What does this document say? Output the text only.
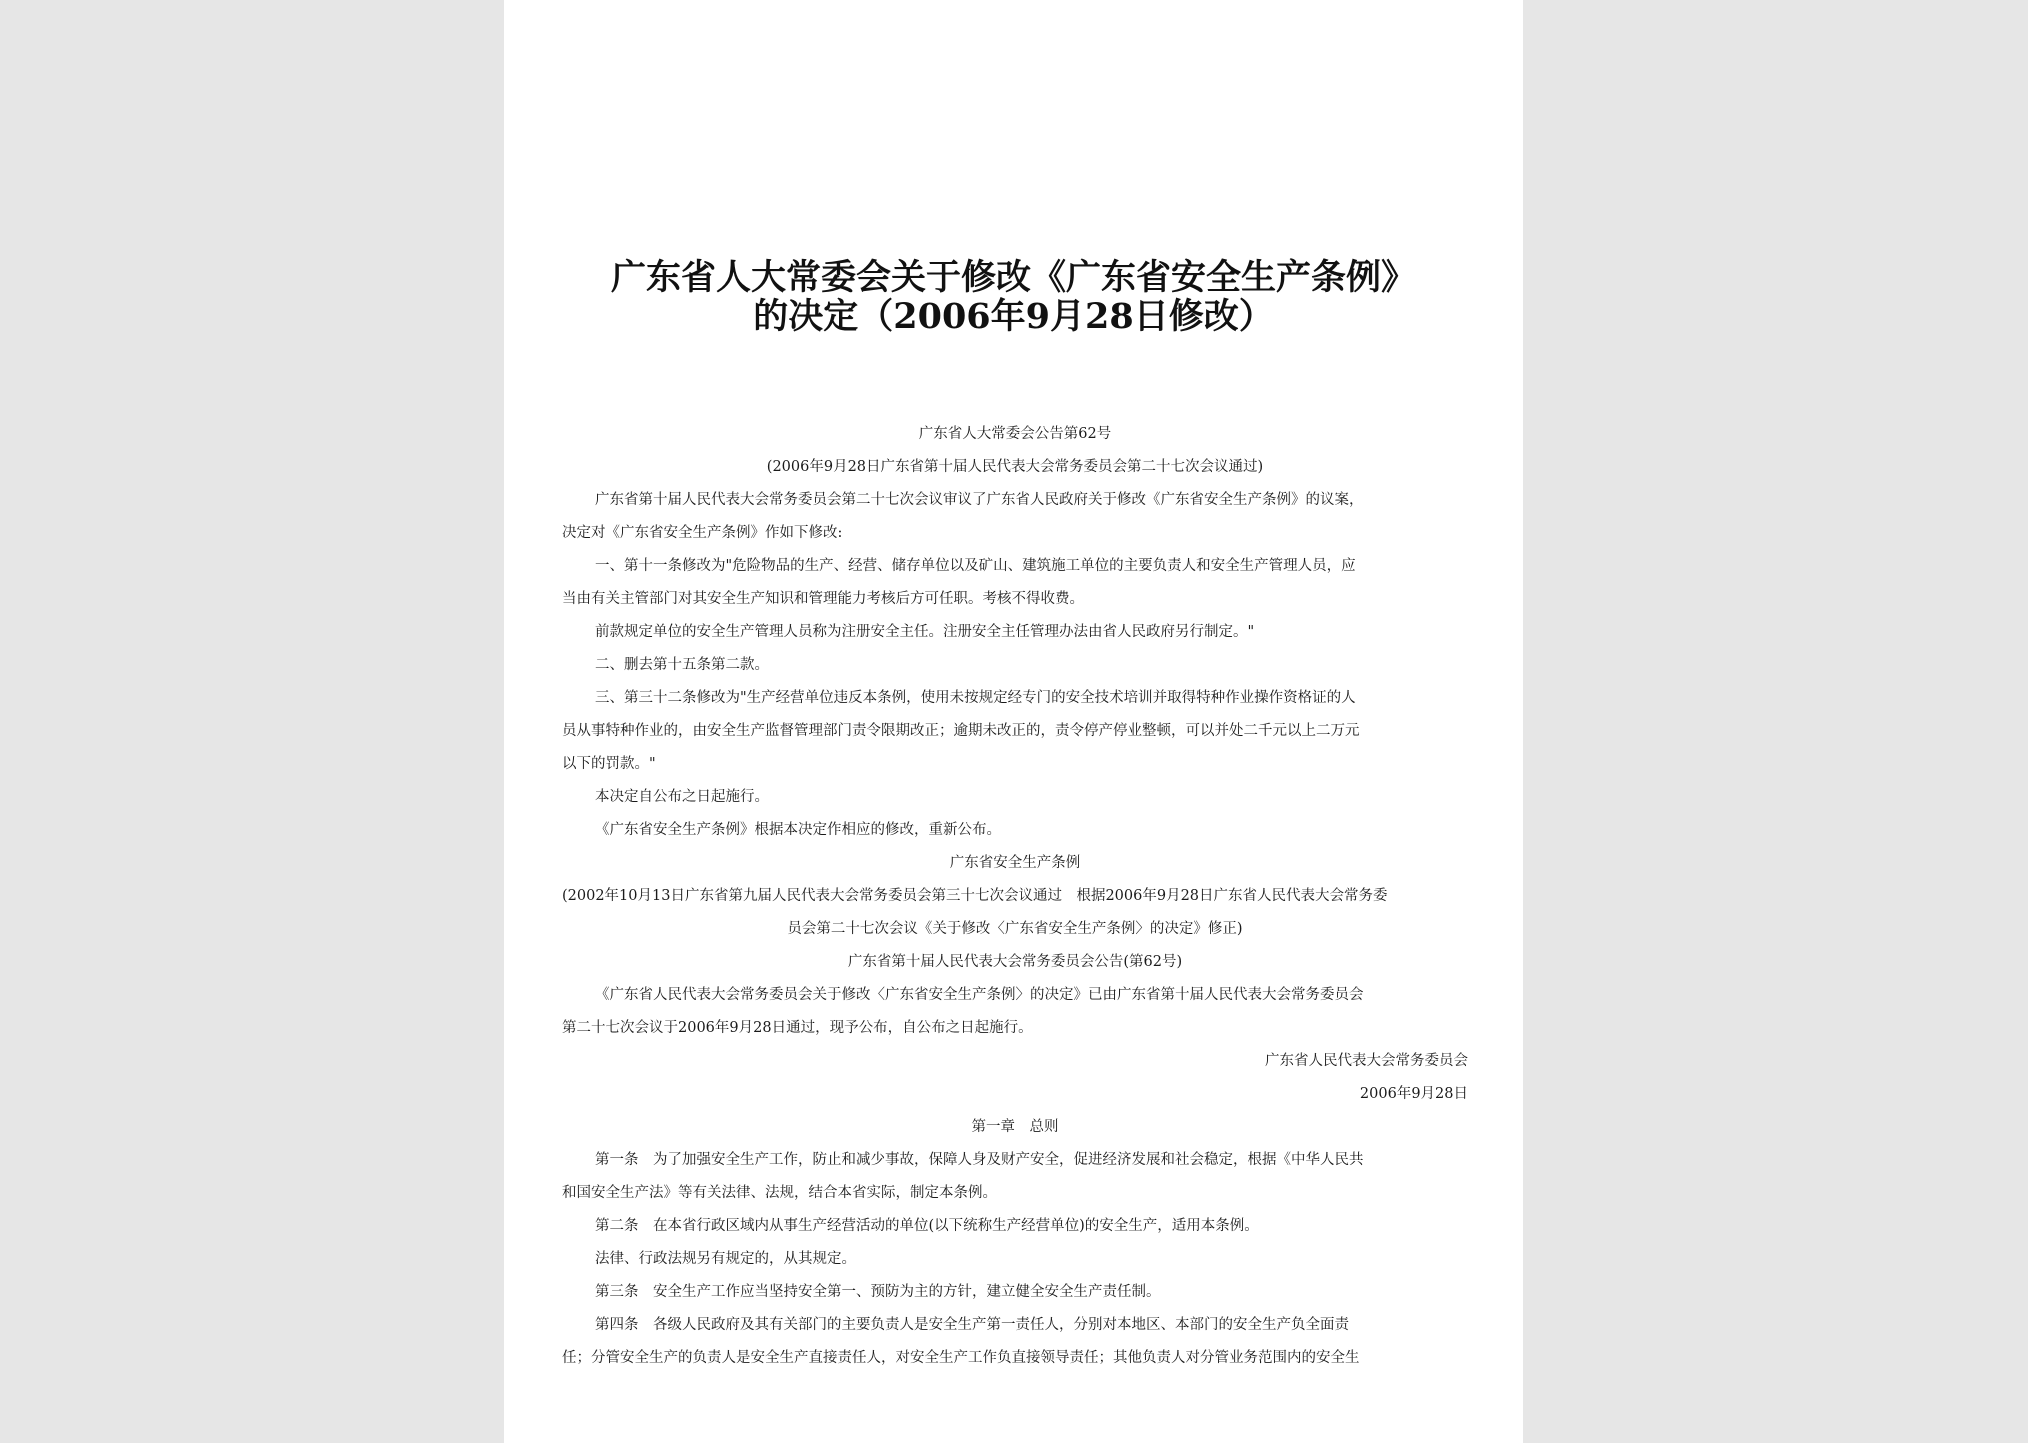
广东省人大常委会关于修改《广东省安全生产条例》
的决定（2006年9月28日修改）
广东省人大常委会公告第62号
(2006年9月28日广东省第十届人民代表大会常务委员会第二十七次会议通过)
广东省第十届人民代表大会常务委员会第二十七次会议审议了广东省人民政府关于修改《广东省安全生产条例》的议案，
决定对《广东省安全生产条例》作如下修改:
一、第十一条修改为"危险物品的生产、经营、储存单位以及矿山、建筑施工单位的主要负责人和安全生产管理人员，应
当由有关主管部门对其安全生产知识和管理能力考核后方可任职。考核不得收费。
前款规定单位的安全生产管理人员称为注册安全主任。注册安全主任管理办法由省人民政府另行制定。"
二、删去第十五条第二款。
三、第三十二条修改为"生产经营单位违反本条例，使用未按规定经专门的安全技术培训并取得特种作业操作资格证的人
员从事特种作业的，由安全生产监督管理部门责令限期改正；逾期未改正的，责令停产停业整顿，可以并处二千元以上二万元
以下的罚款。"
本决定自公布之日起施行。
《广东省安全生产条例》根据本决定作相应的修改，重新公布。
广东省安全生产条例
(2002年10月13日广东省第九届人民代表大会常务委员会第三十七次会议通过　根据2006年9月28日广东省人民代表大会常务委
员会第二十七次会议《关于修改〈广东省安全生产条例〉的决定》修正)
广东省第十届人民代表大会常务委员会公告(第62号)
《广东省人民代表大会常务委员会关于修改〈广东省安全生产条例〉的决定》已由广东省第十届人民代表大会常务委员会
第二十七次会议于2006年9月28日通过，现予公布，自公布之日起施行。
广东省人民代表大会常务委员会
2006年9月28日
第一章　总则
第一条　为了加强安全生产工作，防止和减少事故，保障人身及财产安全，促进经济发展和社会稳定，根据《中华人民共
和国安全生产法》等有关法律、法规，结合本省实际，制定本条例。
第二条　在本省行政区域内从事生产经营活动的单位(以下统称生产经营单位)的安全生产，适用本条例。
法律、行政法规另有规定的，从其规定。
第三条　安全生产工作应当坚持安全第一、预防为主的方针，建立健全安全生产责任制。
第四条　各级人民政府及其有关部门的主要负责人是安全生产第一责任人，分别对本地区、本部门的安全生产负全面责
任；分管安全生产的负责人是安全生产直接责任人，对安全生产工作负直接领导责任；其他负责人对分管业务范围内的安全生
